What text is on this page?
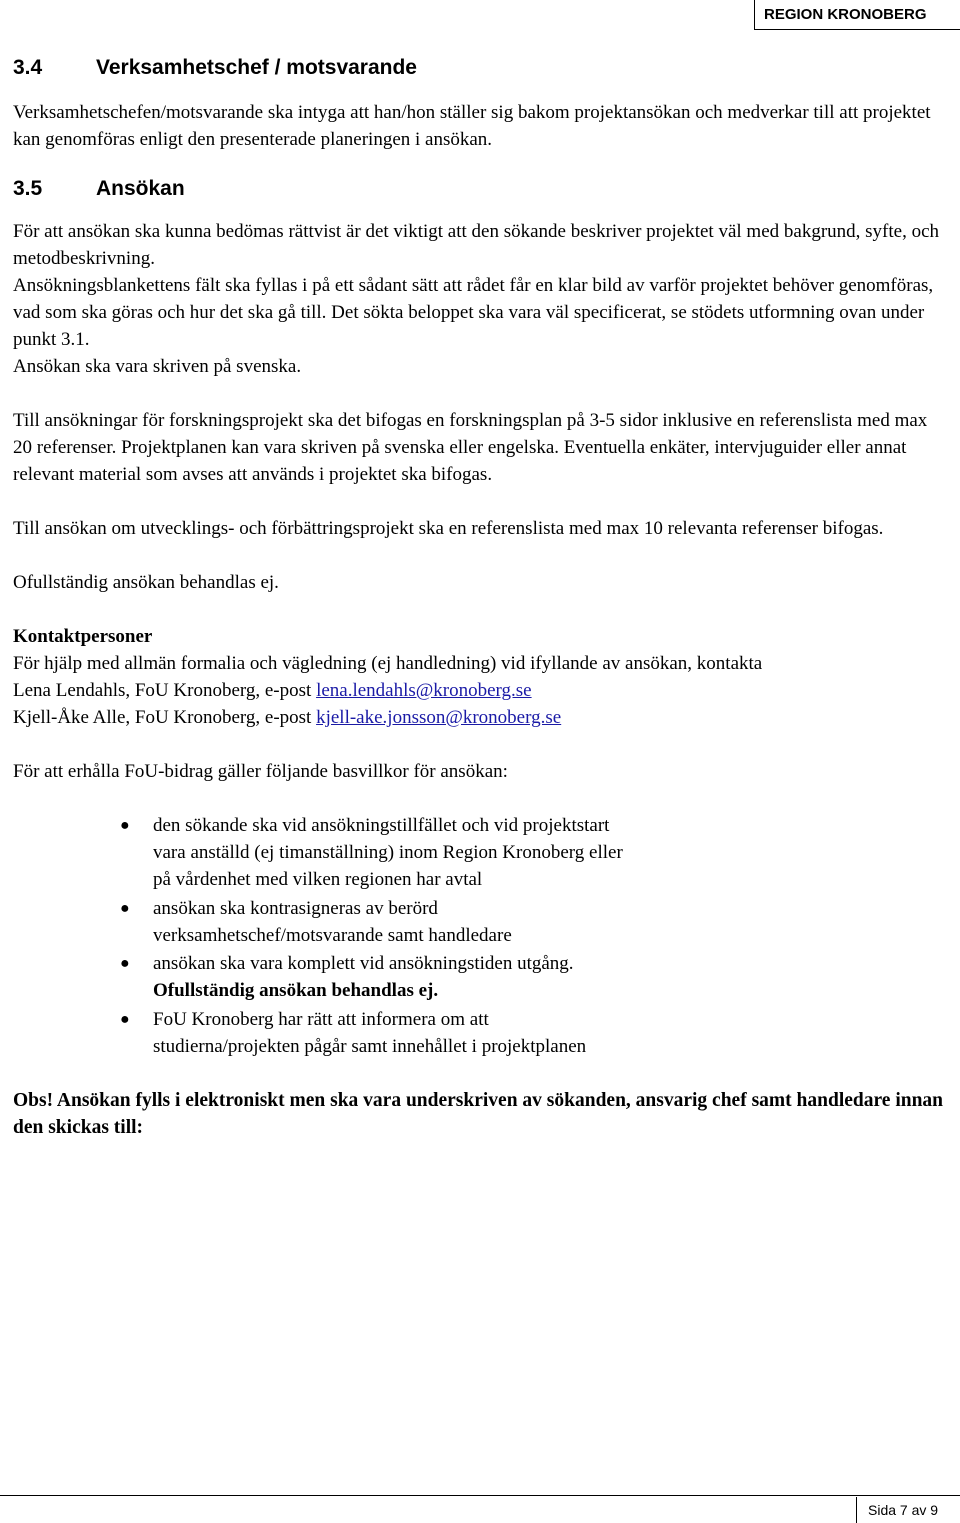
REGION KRONOBERG
3.4	Verksamhetschef / motsvarande

Verksamhetschefen/motsvarande ska intyga att han/hon ställer sig bakom projektansökan och medverkar till att projektet kan genomföras enligt den presenterade planeringen i ansökan.

3.5	Ansökan

För att ansökan ska kunna bedömas rättvist är det viktigt att den sökande beskriver projektet väl med bakgrund, syfte, och metodbeskrivning.

Ansökningsblankettens fält ska fyllas i på ett sådant sätt att rådet får en klar bild av varför projektet behöver genomföras, vad som ska göras och hur det ska gå till. Det sökta beloppet ska vara väl specificerat, se stödets utformning ovan under punkt 3.1.

Ansökan ska vara skriven på svenska.

Till ansökningar för forskningsprojekt ska det bifogas en forskningsplan på 3-5 sidor inklusive en referenslista med max 20 referenser. Projektplanen kan vara skriven på svenska eller engelska. Eventuella enkäter, intervjuguider eller annat relevant material som avses att används i projektet ska bifogas.

Till ansökan om utvecklings- och förbättringsprojekt ska en referenslista med max 10 relevanta referenser bifogas.

Ofullständig ansökan behandlas ej.

Kontaktpersoner

För hjälp med allmän formalia och vägledning (ej handledning) vid ifyllande av ansökan, kontakta

Lena Lendahls, FoU Kronoberg, e-post lena.lendahls@kronoberg.se

Kjell-Åke Alle, FoU Kronoberg, e-post kjell-ake.jonsson@kronoberg.se

För att erhålla FoU-bidrag gäller följande basvillkor för ansökan:

● den sökande ska vid ansökningstillfället och vid projektstart vara anställd (ej timanställning) inom Region Kronoberg eller på vårdenhet med vilken regionen har avtal
● ansökan ska kontrasigneras av berörd verksamhetschef/motsvarande samt handledare
● ansökan ska vara komplett vid ansökningstiden utgång. Ofullständig ansökan behandlas ej.
● FoU Kronoberg har rätt att informera om att studierna/projekten pågår samt innehållet i projektplanen

Obs! Ansökan fylls i elektroniskt men ska vara underskriven av sökanden, ansvarig chef samt handledare innan den skickas till:

Sida 7 av 9
